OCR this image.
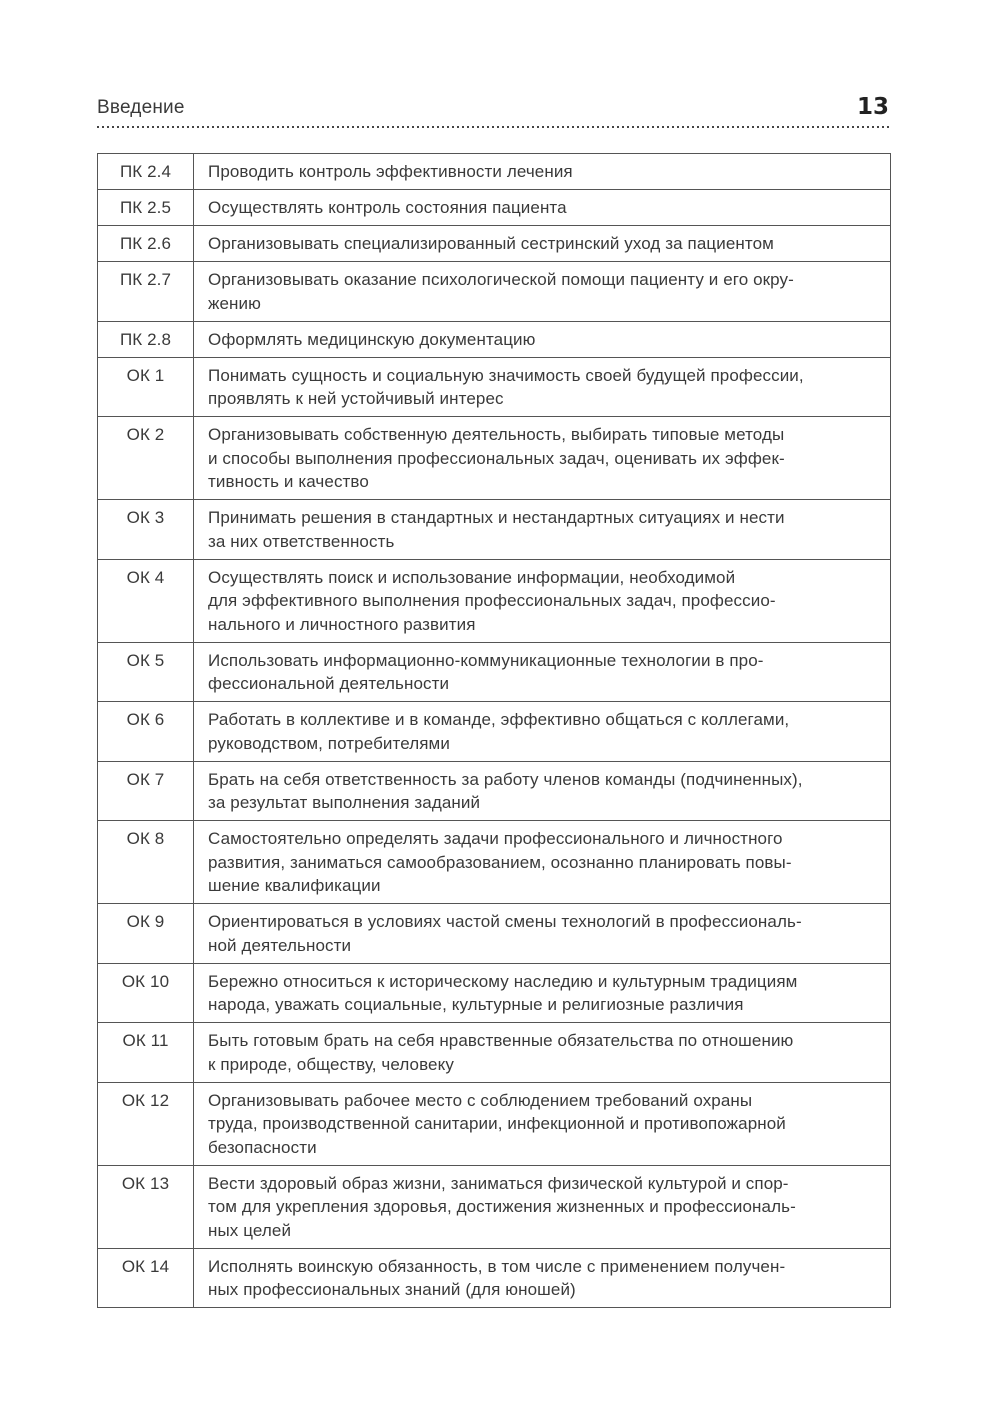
Введение	13
ПК 2.4	Проводить контроль эффективности лечения
ПК 2.5	Осуществлять контроль состояния пациента
ПК 2.6	Организовывать специализированный сестринский уход за пациентом
ПК 2.7	Организовывать оказание психологической помощи пациенту и его окру-
жению
ПК 2.8	Оформлять медицинскую документацию
ОК 1	Понимать сущность и социальную значимость своей будущей профессии,
проявлять к ней устойчивый интерес
ОК 2	Организовывать собственную деятельность, выбирать типовые методы
и способы выполнения профессиональных задач, оценивать их эффек-
тивность и качество
ОК 3	Принимать решения в стандартных и нестандартных ситуациях и нести
за них ответственность
ОК 4	Осуществлять поиск и использование информации, необходимой
для эффективного выполнения профессиональных задач, профессио-
нального и личностного развития
ОК 5	Использовать информационно-коммуникационные технологии в про-
фессиональной деятельности
ОК 6	Работать в коллективе и в команде, эффективно общаться с коллегами,
руководством, потребителями
ОК 7	Брать на себя ответственность за работу членов команды (подчиненных),
за результат выполнения заданий
ОК 8	Самостоятельно определять задачи профессионального и личностного
развития, заниматься самообразованием, осознанно планировать повы-
шение квалификации
ОК 9	Ориентироваться в условиях частой смены технологий в профессиональ-
ной деятельности
ОК 10	Бережно относиться к историческому наследию и культурным традициям
народа, уважать социальные, культурные и религиозные различия
ОК 11	Быть готовым брать на себя нравственные обязательства по отношению
к природе, обществу, человеку
ОК 12	Организовывать рабочее место с соблюдением требований охраны
труда, производственной санитарии, инфекционной и противопожарной
безопасности
ОК 13	Вести здоровый образ жизни, заниматься физической культурой и спор-
том для укрепления здоровья, достижения жизненных и профессиональ-
ных целей
ОК 14	Исполнять воинскую обязанность, в том числе с применением получен-
ных профессиональных знаний (для юношей)
